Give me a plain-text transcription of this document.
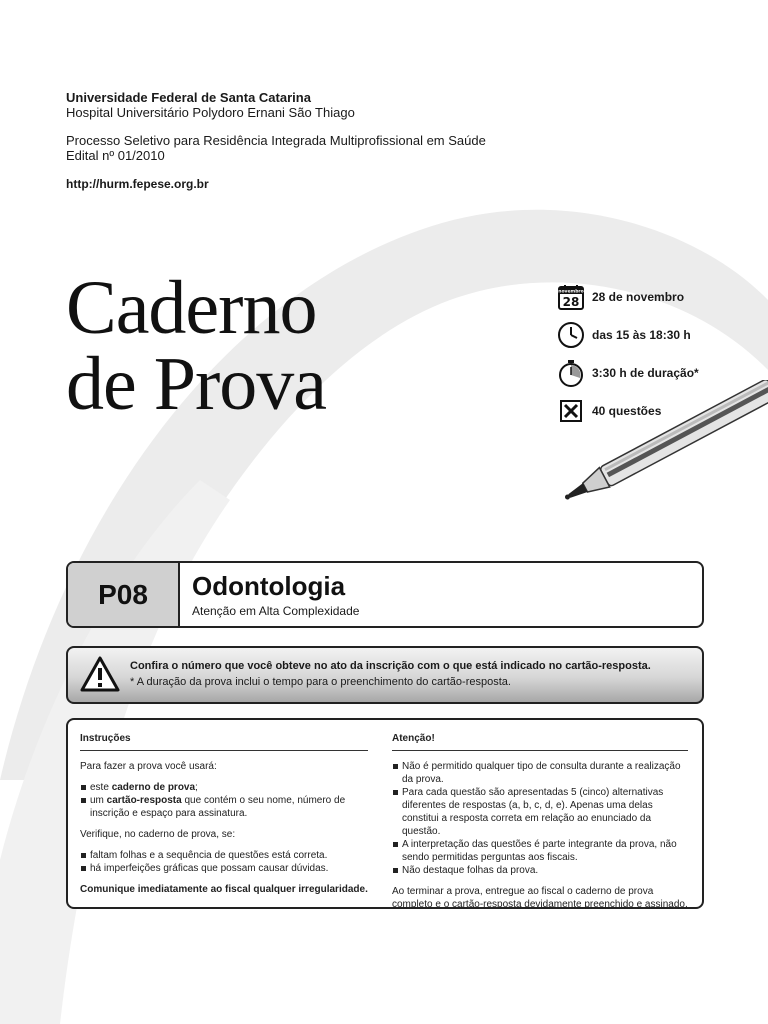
Universidade Federal de Santa Catarina
Hospital Universitário Polydoro Ernani São Thiago
Processo Seletivo para Residência Integrada Multiprofissional em Saúde
Edital nº 01/2010
http://hurm.fepese.org.br
Caderno
de Prova
novembro
28 28 de novembro
das 15 às 18:30 h
3:30 h de duração*
40 questões
P08	Odontologia
Atenção em Alta Complexidade
Confira o número que você obteve no ato da inscrição com o que está indicado no cartão-resposta.
* A duração da prova inclui o tempo para o preenchimento do cartão-resposta.
Instruções

Para fazer a prova você usará:

este caderno de prova;
um cartão-resposta que contém o seu nome, número de inscrição e espaço para assinatura.

Verifique, no caderno de prova, se:

faltam folhas e a sequência de questões está correta.
há imperfeições gráficas que possam causar dúvidas.

Comunique imediatamente ao fiscal qualquer irregularidade.

Atenção!
Não é permitido qualquer tipo de consulta durante a realização da prova.
Para cada questão são apresentadas 5 (cinco) alternativas diferentes de respostas (a, b, c, d, e). Apenas uma delas constitui a resposta correta em relação ao enunciado da questão.
A interpretação das questões é parte integrante da prova, não sendo permitidas perguntas aos fiscais.
Não destaque folhas da prova.

Ao terminar a prova, entregue ao fiscal o caderno de prova completo e o cartão-resposta devidamente preenchido e assinado.
